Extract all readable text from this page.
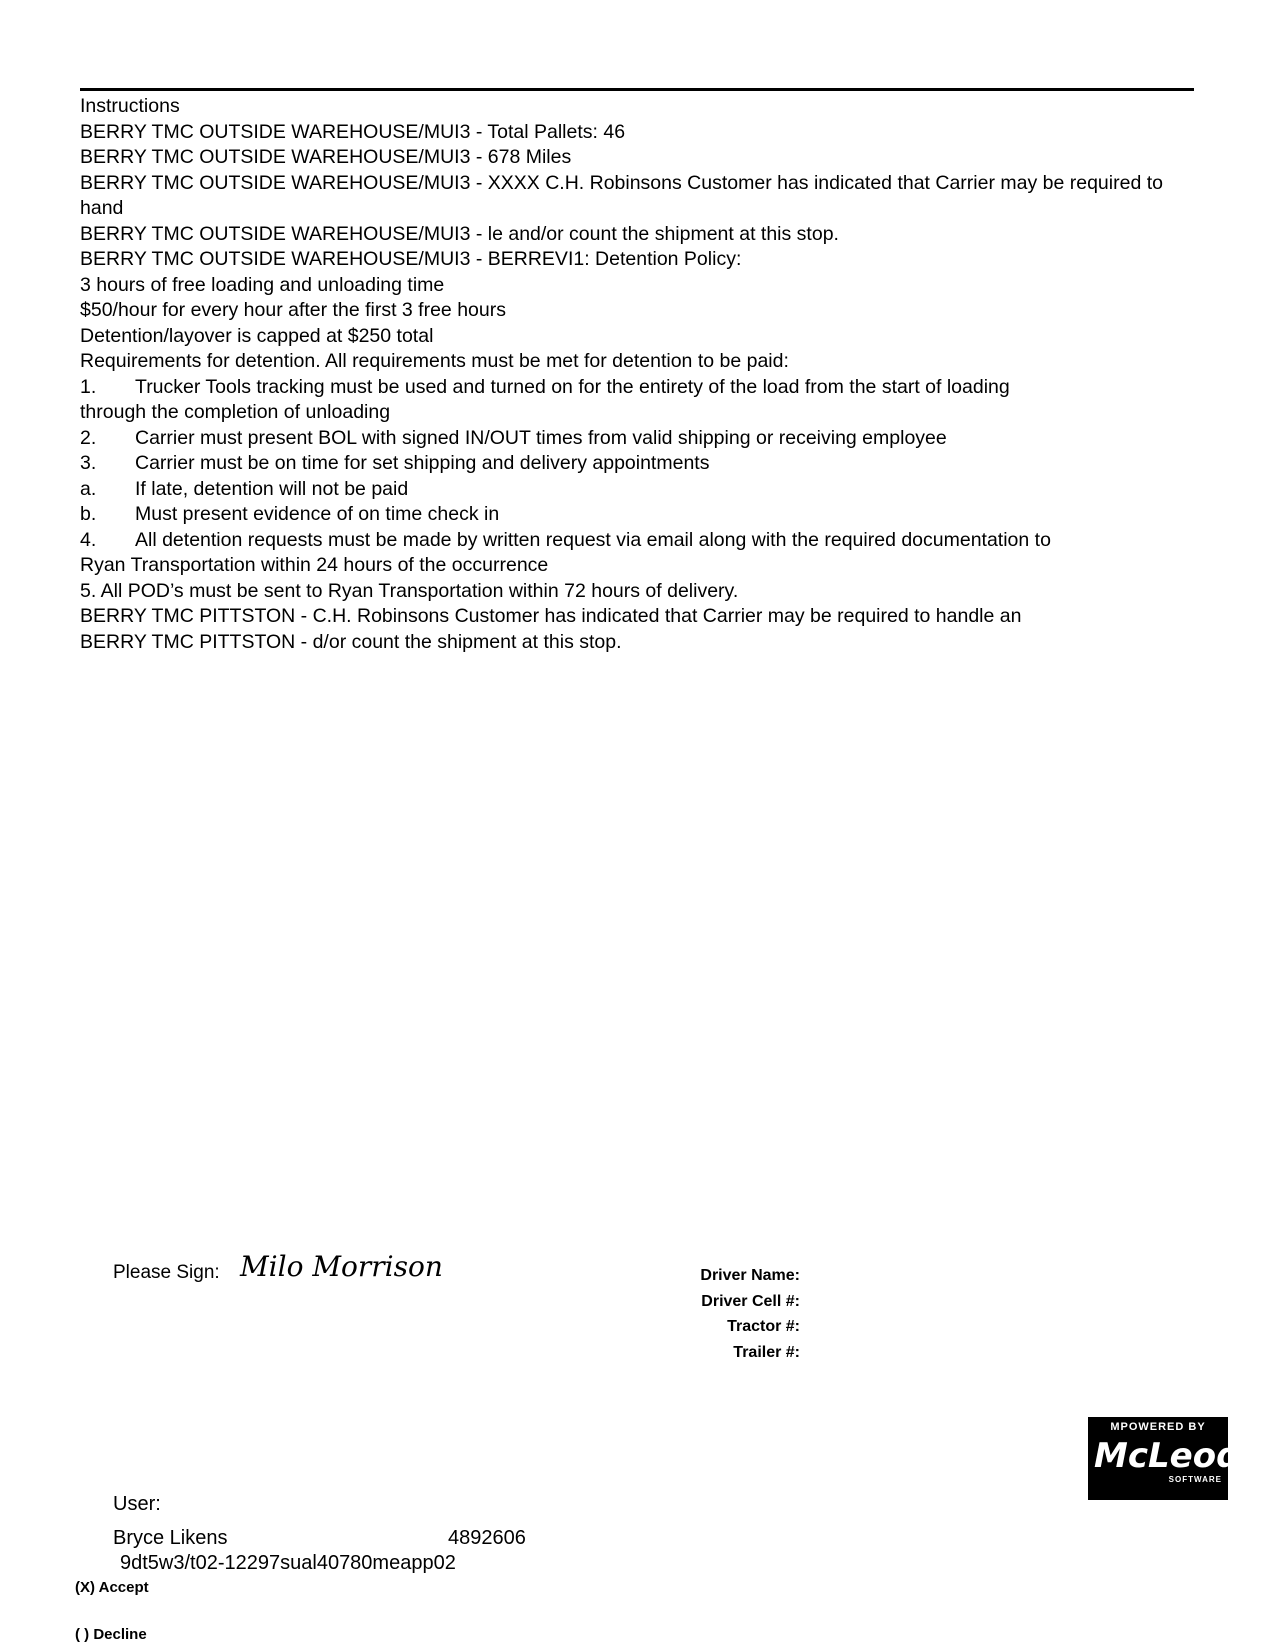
Instructions
BERRY TMC OUTSIDE WAREHOUSE/MUI3 - Total Pallets: 46
BERRY TMC OUTSIDE WAREHOUSE/MUI3 - 678 Miles
BERRY TMC OUTSIDE WAREHOUSE/MUI3 - XXXX C.H. Robinsons Customer has indicated that Carrier may be required to hand
BERRY TMC OUTSIDE WAREHOUSE/MUI3 - le and/or count the shipment at this stop.
BERRY TMC OUTSIDE WAREHOUSE/MUI3 - BERREVI1: Detention Policy:
3 hours of free loading and unloading time
$50/hour for every hour after the first 3 free hours
Detention/layover is capped at $250 total
Requirements for detention. All requirements must be met for detention to be paid:
1.	Trucker Tools tracking must be used and turned on for the entirety of the load from the start of loading
through the completion of unloading
2.	Carrier must present BOL with signed IN/OUT times from valid shipping or receiving employee
3.	Carrier must be on time for set shipping and delivery appointments
a.	If late, detention will not be paid
b.	Must present evidence of on time check in
4.	All detention requests must be made by written request via email along with the required documentation to
Ryan Transportation within 24 hours of the occurrence
5. All POD’s must be sent to Ryan Transportation within 72 hours of delivery.
BERRY TMC PITTSTON - C.H. Robinsons Customer has indicated that Carrier may be required to handle an
BERRY TMC PITTSTON - d/or count the shipment at this stop.
Please Sign: Milo Morrison	Driver Name:
Driver Cell #:
Tractor #:
Trailer #:
MPOWERED BY
McLeod
SOFTWARE
User:
Bryce Likens	4892606
9dt5w3/t02-12297sual40780meapp02
(X) Accept
( ) Decline
